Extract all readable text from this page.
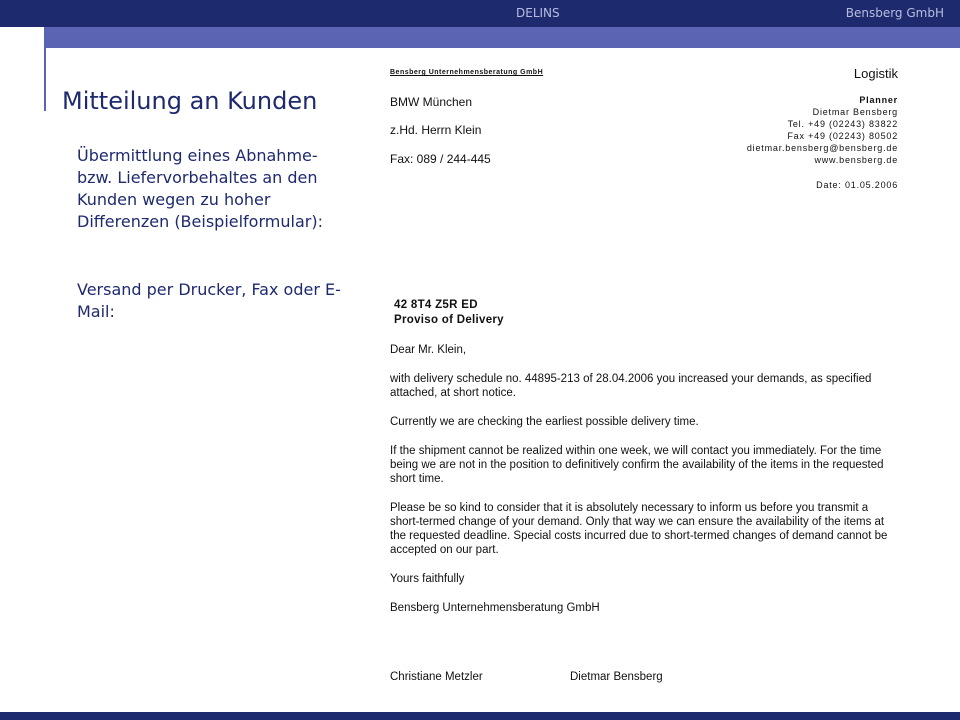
DELINS	Bensberg GmbH
Mitteilung an Kunden
Übermittlung eines Abnahme- bzw. Liefervorbehaltes an den Kunden wegen zu hoher Differenzen (Beispielformular):
Versand per Drucker, Fax oder E-Mail:
Bensberg Unternehmensberatung GmbH
BMW München
z.Hd. Herrn Klein
Fax: 089 / 244-445
Logistik
Planner
Dietmar Bensberg
Tel. +49 (02243) 83822
Fax +49 (02243) 80502
dietmar.bensberg@bensberg.de
www.bensberg.de
Date: 01.05.2006
42 8T4 Z5R ED
Proviso of Delivery

Dear Mr. Klein,

with delivery schedule no. 44895-213 of 28.04.2006 you increased your demands, as specified attached, at short notice.

Currently we are checking the earliest possible delivery time.

If the shipment cannot be realized within one week, we will contact you immediately. For the time being we are not in the position to definitively confirm the availability of the items in the requested short time.

Please be so kind to consider that it is absolutely necessary to inform us before you transmit a short-termed change of your demand. Only that way we can ensure the availability of the items at the requested deadline. Special costs incurred due to short-termed changes of demand cannot be accepted on our part.

Yours faithfully

Bensberg Unternehmensberatung GmbH

Christiane Metzler	Dietmar Bensberg
